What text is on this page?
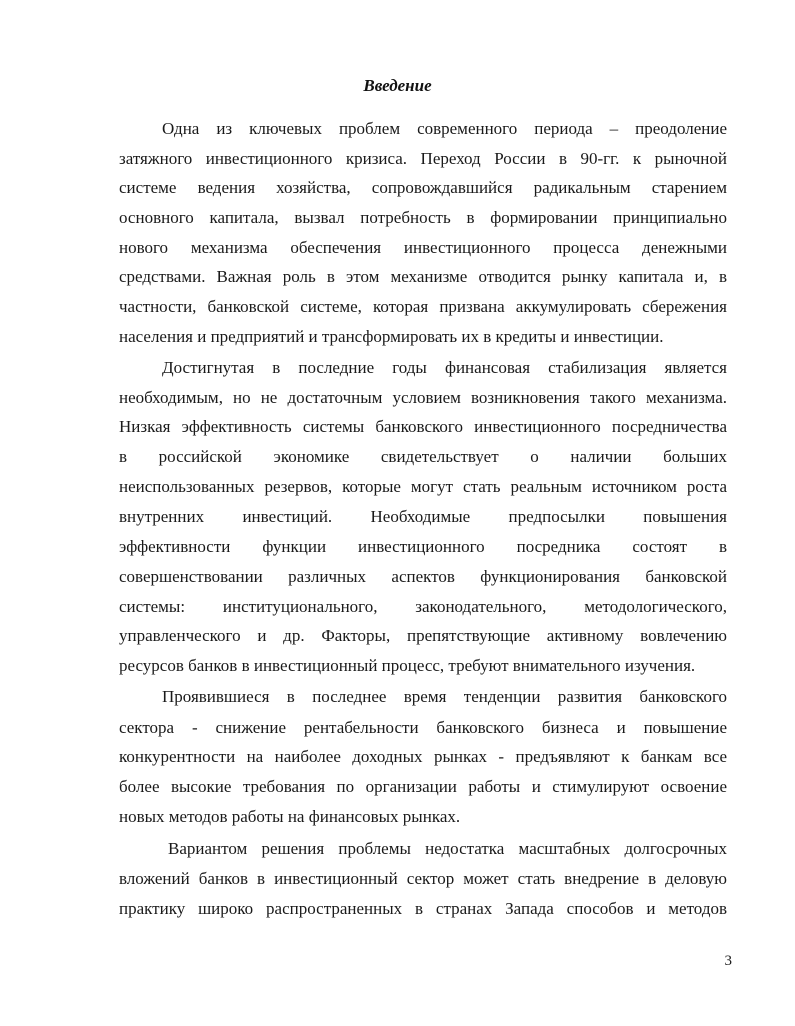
Введение
Одна из ключевых проблем современного периода – преодоление
затяжного инвестиционного кризиса. Переход России в 90-гг. к рыночной
системе ведения хозяйства, сопровождавшийся радикальным старением
основного капитала, вызвал потребность в формировании принципиально
нового механизма обеспечения инвестиционного процесса денежными
средствами. Важная роль в этом механизме отводится рынку капитала и, в
частности, банковской системе, которая призвана аккумулировать сбережения
населения и предприятий и трансформировать их в кредиты и инвестиции.
Достигнутая в последние годы финансовая стабилизация является
необходимым, но не достаточным условием возникновения такого механизма.
Низкая эффективность системы банковского инвестиционного посредничества
в российской экономике свидетельствует о наличии больших
неиспользованных резервов, которые могут стать реальным источником роста
внутренних инвестиций. Необходимые предпосылки повышения
эффективности функции инвестиционного посредника состоят в
совершенствовании различных аспектов функционирования банковской
системы: институционального, законодательного, методологического,
управленческого и др. Факторы, препятствующие активному вовлечению
ресурсов банков в инвестиционный процесс, требуют внимательного изучения.
Проявившиеся в последнее время тенденции развития банковского
сектора - снижение рентабельности банковского бизнеса и повышение
конкурентности на наиболее доходных рынках - предъявляют к банкам все
более высокие требования по организации работы и стимулируют освоение
новых методов работы на финансовых рынках.
Вариантом решения проблемы недостатка масштабных долгосрочных
вложений банков в инвестиционный сектор может стать внедрение в деловую
практику широко распространенных в странах Запада способов и методов
3
